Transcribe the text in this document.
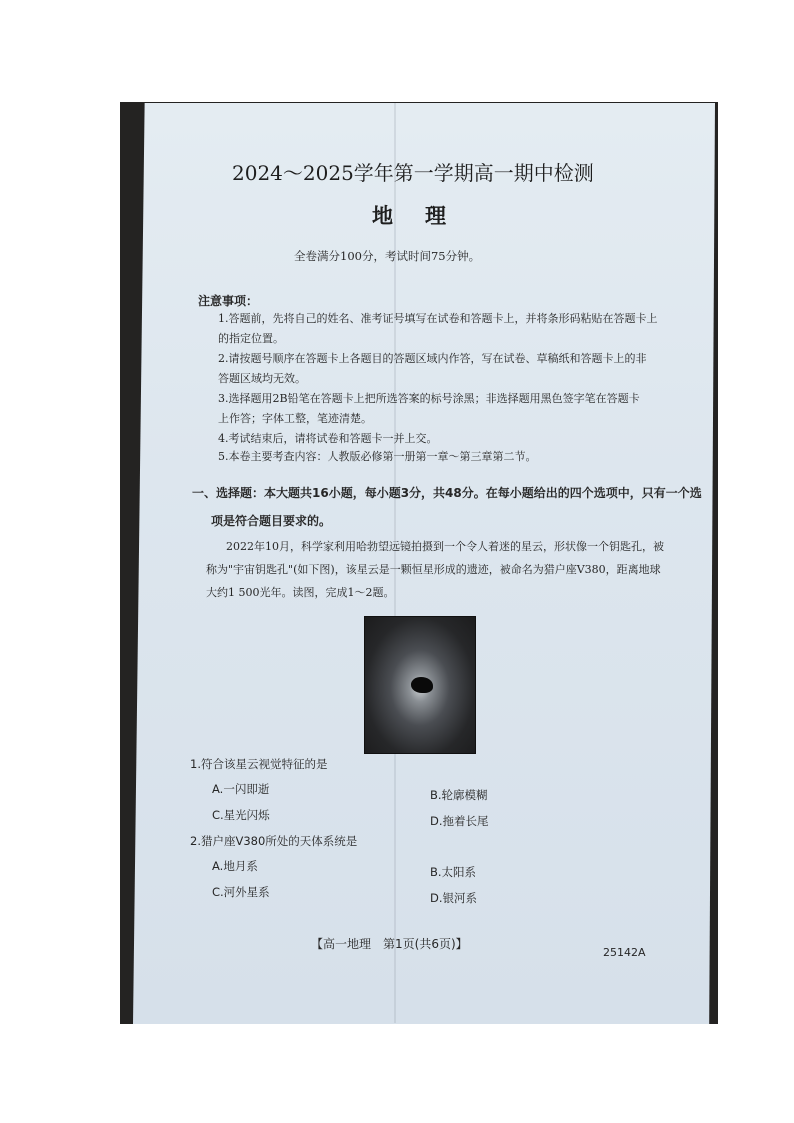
2024～2025学年第一学期高一期中检测
地理
全卷满分100分，考试时间75分钟。
注意事项：
1.答题前，先将自己的姓名、准考证号填写在试卷和答题卡上，并将条形码粘贴在答题卡上
的指定位置。
2.请按题号顺序在答题卡上各题目的答题区域内作答，写在试卷、草稿纸和答题卡上的非
答题区域均无效。
3.选择题用2B铅笔在答题卡上把所选答案的标号涂黑；非选择题用黑色签字笔在答题卡
上作答；字体工整，笔迹清楚。
4.考试结束后，请将试卷和答题卡一并上交。
5.本卷主要考查内容：人教版必修第一册第一章～第三章第二节。
一、选择题：本大题共16小题，每小题3分，共48分。在每小题给出的四个选项中，只有一个选
项是符合题目要求的。
2022年10月，科学家利用哈勃望远镜拍摄到一个令人着迷的星云，形状像一个钥匙孔，被
称为"宇宙钥匙孔"(如下图)，该星云是一颗恒星形成的遗迹，被命名为猎户座V380，距离地球
大约1 500光年。读图，完成1～2题。
1.符合该星云视觉特征的是
A.一闪即逝	B.轮廓模糊
C.星光闪烁	D.拖着长尾
2.猎户座V380所处的天体系统是
A.地月系	B.太阳系
C.河外星系	D.银河系
【高一地理　第1页(共6页)】
25142A
